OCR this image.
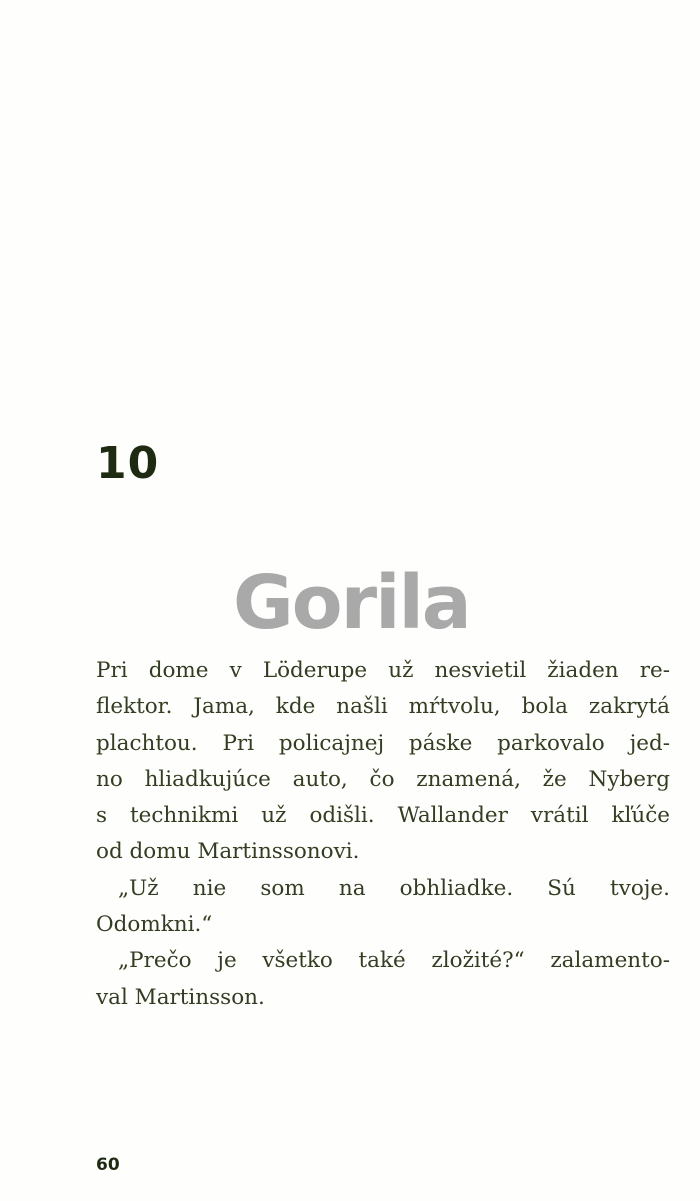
10
Gorila
Pri dome v Löderupe už nesvietil žiaden re-
flektor. Jama, kde našli mŕtvolu, bola zakrytá
plachtou. Pri policajnej páske parkovalo jed-
no hliadkujúce auto, čo znamená, že Nyberg
s technikmi už odišli. Wallander vrátil kľúče
od domu Martinssonovi.
„Už nie som na obhliadke. Sú tvoje.
Odomkni.“
„Prečo je všetko také zložité?“ zalamento-
val Martinsson.
60
